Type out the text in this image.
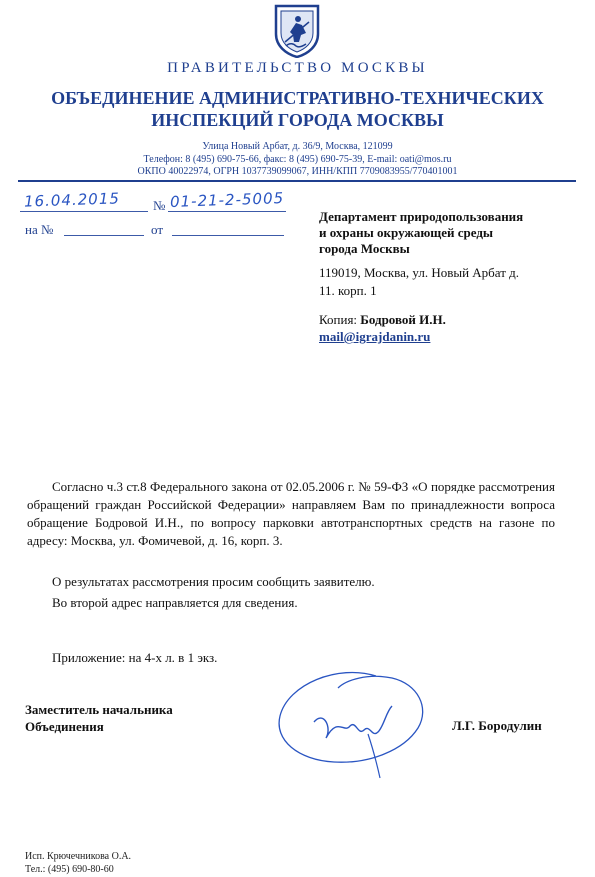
ПРАВИТЕЛЬСТВО МОСКВЫ
ОБЪЕДИНЕНИЕ АДМИНИСТРАТИВНО-ТЕХНИЧЕСКИХ
ИНСПЕКЦИЙ ГОРОДА МОСКВЫ
Улица Новый Арбат, д. 36/9, Москва, 121099
Телефон: 8 (495) 690-75-66, факс: 8 (495) 690-75-39, E-mail: oati@mos.ru
ОКПО 40022974, ОГРН 1037739099067, ИНН/КПП 7709083955/770401001
16.04.2015	№ 01-21-2-5005
на №	от
Департамент природопользования
и охраны окружающей среды
города Москвы
119019, Москва, ул. Новый Арбат д.
11. корп. 1
Копия: Бодровой И.Н.
mail@igrajdanin.ru
Согласно ч.3 ст.8 Федерального закона от 02.05.2006 г. № 59-ФЗ «О порядке рассмотрения обращений граждан Российской Федерации» направляем Вам по принадлежности вопроса обращение Бодровой И.Н., по вопросу парковки автотранспортных средств на газоне по адресу: Москва, ул. Фомичевой, д. 16, корп. 3.
О результатах рассмотрения просим сообщить заявителю.
Во второй адрес направляется для сведения.
Приложение: на 4-х л. в 1 экз.
Заместитель начальника
Объединения	Л.Г. Бородулин
Исп. Крючечникова О.А.
Тел.: (495) 690-80-60
